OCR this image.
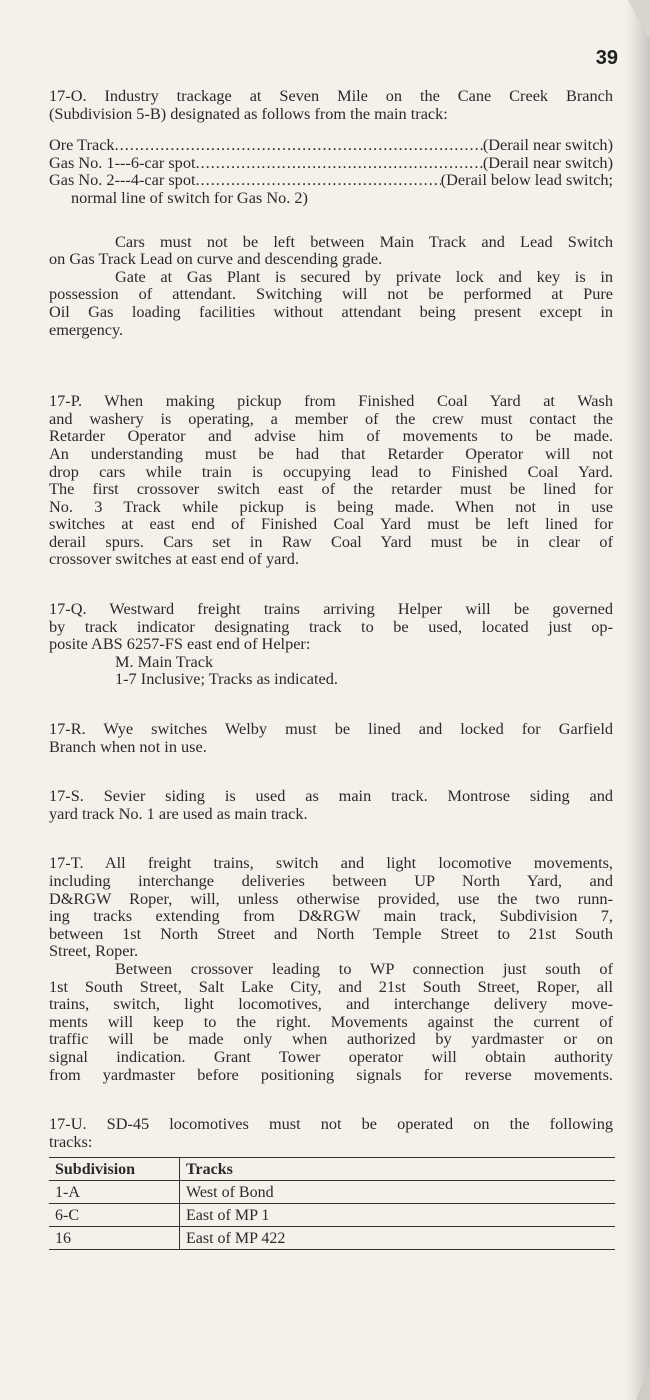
39

17-O. Industry trackage at Seven Mile on the Cane Creek Branch

(Subdivision 5-B) designated as follows from the main track:

Ore Track .....	(Derail near switch)
Gas No. 1---6-car spot .....	(Derail near switch)
Gas No. 2---4-car spot .....	(Derail below lead switch;

normal line of switch for Gas No. 2)

Cars must not be left between Main Track and Lead Switch

on Gas Track Lead on curve and descending grade.

Gate at Gas Plant is secured by private lock and key is in

possession of attendant. Switching will not be performed at Pure

Oil Gas loading facilities without attendant being present except in

emergency.

17-P. When making pickup from Finished Coal Yard at Wash

and washery is operating, a member of the crew must contact the

Retarder Operator and advise him of movements to be made.

An understanding must be had that Retarder Operator will not

drop cars while train is occupying lead to Finished Coal Yard.

The first crossover switch east of the retarder must be lined for

No. 3 Track while pickup is being made. When not in use

switches at east end of Finished Coal Yard must be left lined for

derail spurs. Cars set in Raw Coal Yard must be in clear of

crossover switches at east end of yard.

17-Q. Westward freight trains arriving Helper will be governed

by track indicator designating track to be used, located just op-

posite ABS 6257-FS east end of Helper:

M. Main Track

1-7 Inclusive; Tracks as indicated.

17-R. Wye switches Welby must be lined and locked for Garfield

Branch when not in use.

17-S. Sevier siding is used as main track. Montrose siding and

yard track No. 1 are used as main track.

17-T. All freight trains, switch and light locomotive movements,

including interchange deliveries between UP North Yard, and

D&RGW Roper, will, unless otherwise provided, use the two runn-

ing tracks extending from D&RGW main track, Subdivision 7,

between 1st North Street and North Temple Street to 21st South

Street, Roper.

Between crossover leading to WP connection just south of

1st South Street, Salt Lake City, and 21st South Street, Roper, all

trains, switch, light locomotives, and interchange delivery move-

ments will keep to the right. Movements against the current of

traffic will be made only when authorized by yardmaster or on

signal indication. Grant Tower operator will obtain authority

from yardmaster before positioning signals for reverse movements.

17-U. SD-45 locomotives must not be operated on the following

tracks:

Subdivision	Tracks
1-A	West of Bond
6-C	East of MP 1
16	East of MP 422
